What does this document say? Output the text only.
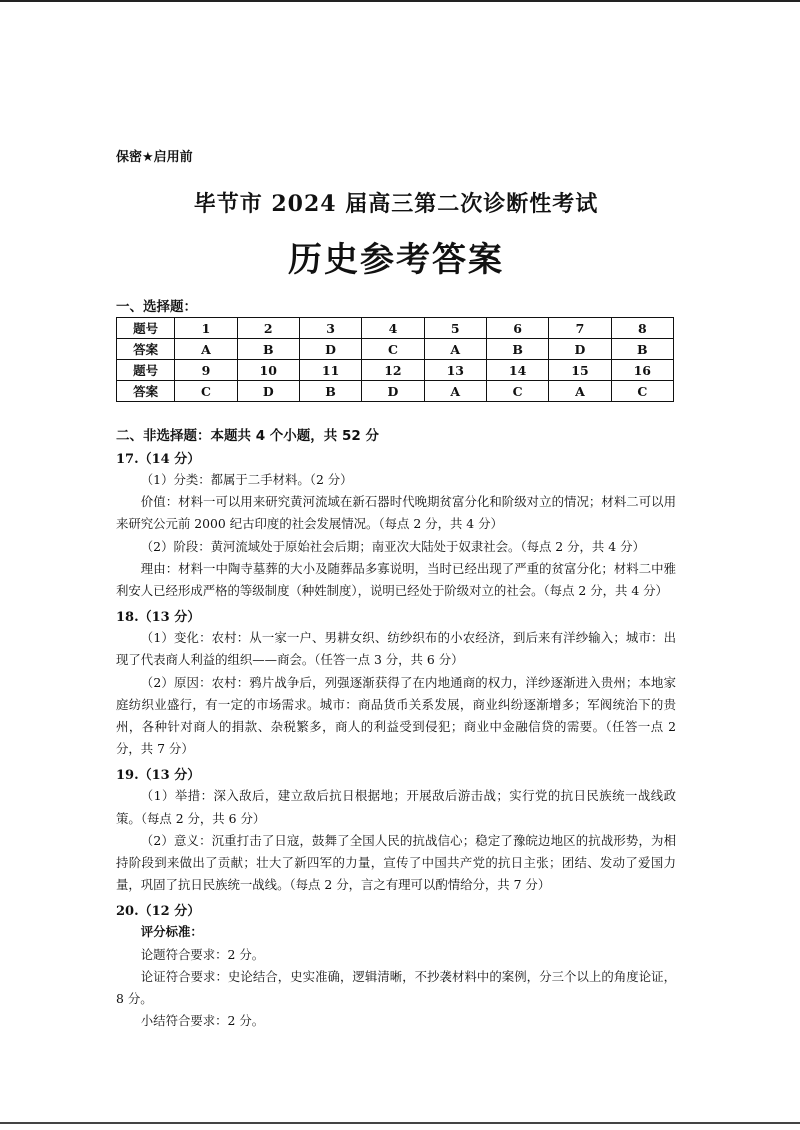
保密★启用前

毕节市 2024 届高三第二次诊断性考试
历史参考答案

一、选择题：

题号	1	2	3	4	5	6	7	8
答案	A	B	D	C	A	B	D	B
题号	9	10	11	12	13	14	15	16
答案	C	D	B	D	A	C	A	C

二、非选择题：本题共 4 个小题，共 52 分

17.（14 分）

（1）分类：都属于二手材料。（2 分）

价值：材料一可以用来研究黄河流域在新石器时代晚期贫富分化和阶级对立的情况；材料二可以用来研究公元前 2000 纪古印度的社会发展情况。（每点 2 分，共 4 分）

（2）阶段：黄河流域处于原始社会后期；南亚次大陆处于奴隶社会。（每点 2 分，共 4 分）

理由：材料一中陶寺墓葬的大小及随葬品多寡说明，当时已经出现了严重的贫富分化；材料二中雅利安人已经形成严格的等级制度（种姓制度），说明已经处于阶级对立的社会。（每点 2 分，共 4 分）

18.（13 分）

（1）变化：农村：从一家一户、男耕女织、纺纱织布的小农经济，到后来有洋纱输入；城市：出现了代表商人利益的组织——商会。（任答一点 3 分，共 6 分）

（2）原因：农村：鸦片战争后，列强逐渐获得了在内地通商的权力，洋纱逐渐进入贵州；本地家庭纺织业盛行，有一定的市场需求。城市：商品货币关系发展，商业纠纷逐渐增多；军阀统治下的贵州，各种针对商人的捐款、杂税繁多，商人的利益受到侵犯；商业中金融信贷的需要。（任答一点 2 分，共 7 分）

19.（13 分）

（1）举措：深入敌后，建立敌后抗日根据地；开展敌后游击战；实行党的抗日民族统一战线政策。（每点 2 分，共 6 分）

（2）意义：沉重打击了日寇，鼓舞了全国人民的抗战信心；稳定了豫皖边地区的抗战形势，为相持阶段到来做出了贡献；壮大了新四军的力量，宣传了中国共产党的抗日主张；团结、发动了爱国力量，巩固了抗日民族统一战线。（每点 2 分，言之有理可以酌情给分，共 7 分）

20.（12 分）

评分标准：

论题符合要求：2 分。

论证符合要求：史论结合，史实准确，逻辑清晰，不抄袭材料中的案例，分三个以上的角度论证，8 分。

小结符合要求：2 分。
